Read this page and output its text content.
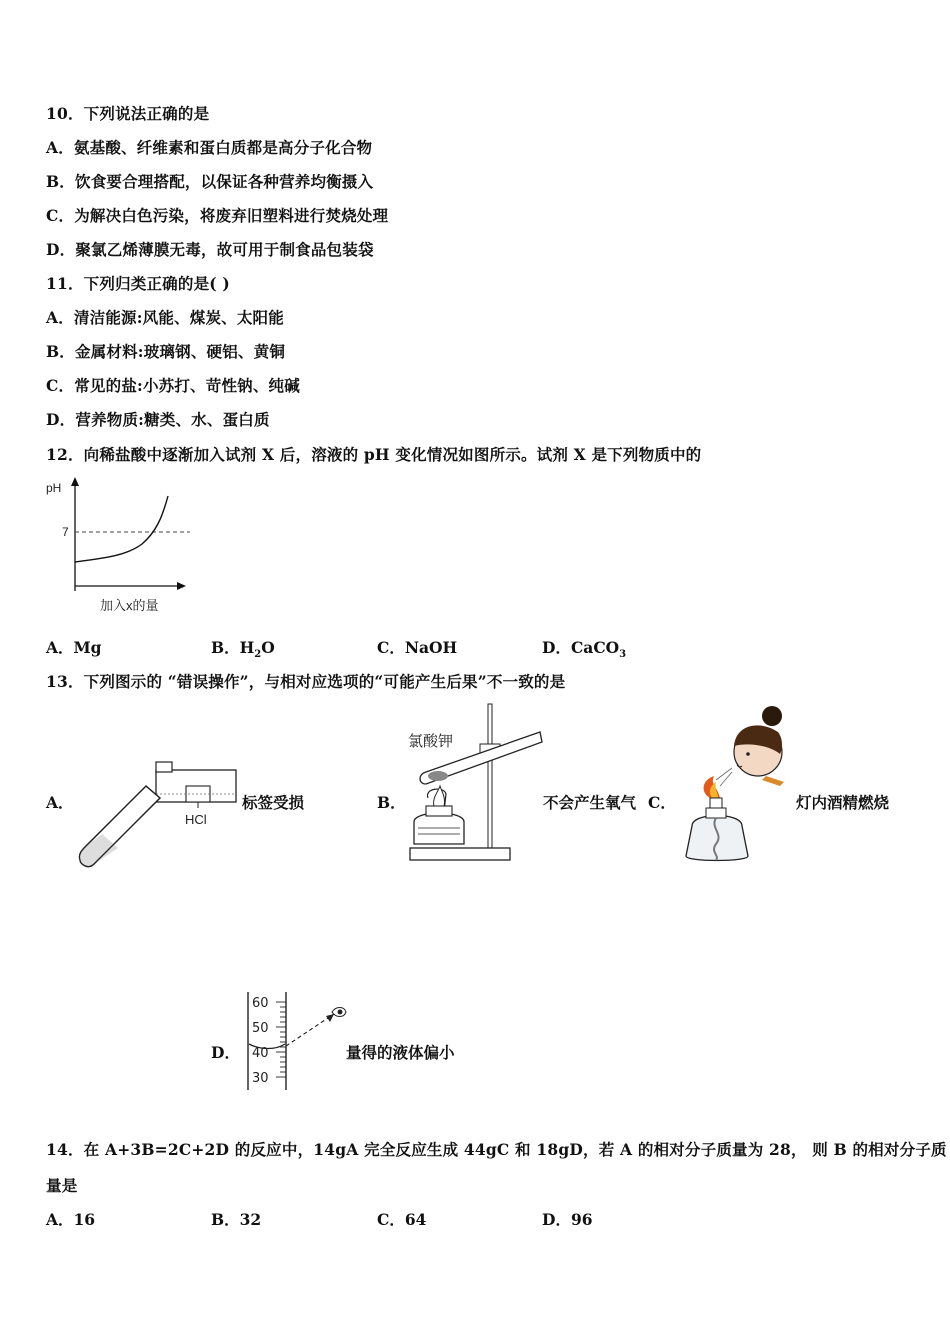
10．下列说法正确的是
A．氨基酸、纤维素和蛋白质都是高分子化合物
B．饮食要合理搭配，以保证各种营养均衡摄入
C．为解决白色污染，将废弃旧塑料进行焚烧处理
D．聚氯乙烯薄膜无毒，故可用于制食品包装袋
11．下列归类正确的是( )
A．清洁能源:风能、煤炭、太阳能
B．金属材料:玻璃钢、硬铝、黄铜
C．常见的盐:小苏打、苛性钠、纯碱
D．营养物质:糖类、水、蛋白质
12．向稀盐酸中逐渐加入试剂 X 后，溶液的 pH 变化情况如图所示。试剂 X 是下列物质中的
pH
7
加入x的量
A．Mg	B．$H_2O$	C．NaOH	D．CaCO$_3$
13．下列图示的 “错误操作”，与相对应选项的“可能产生后果”不一致的是
A．
HCl
标签受损	B．
氯酸钾
不会产生氧气 C．	灯内酒精燃烧
D．
60
50
40
30
量得的液体偏小
14．在 A+3B=2C+2D 的反应中，14gA 完全反应生成 44gC 和 18gD，若 A 的相对分子质量为 28， 则 B 的相对分子质
量是
A．16	B．32	C．64	D．96
